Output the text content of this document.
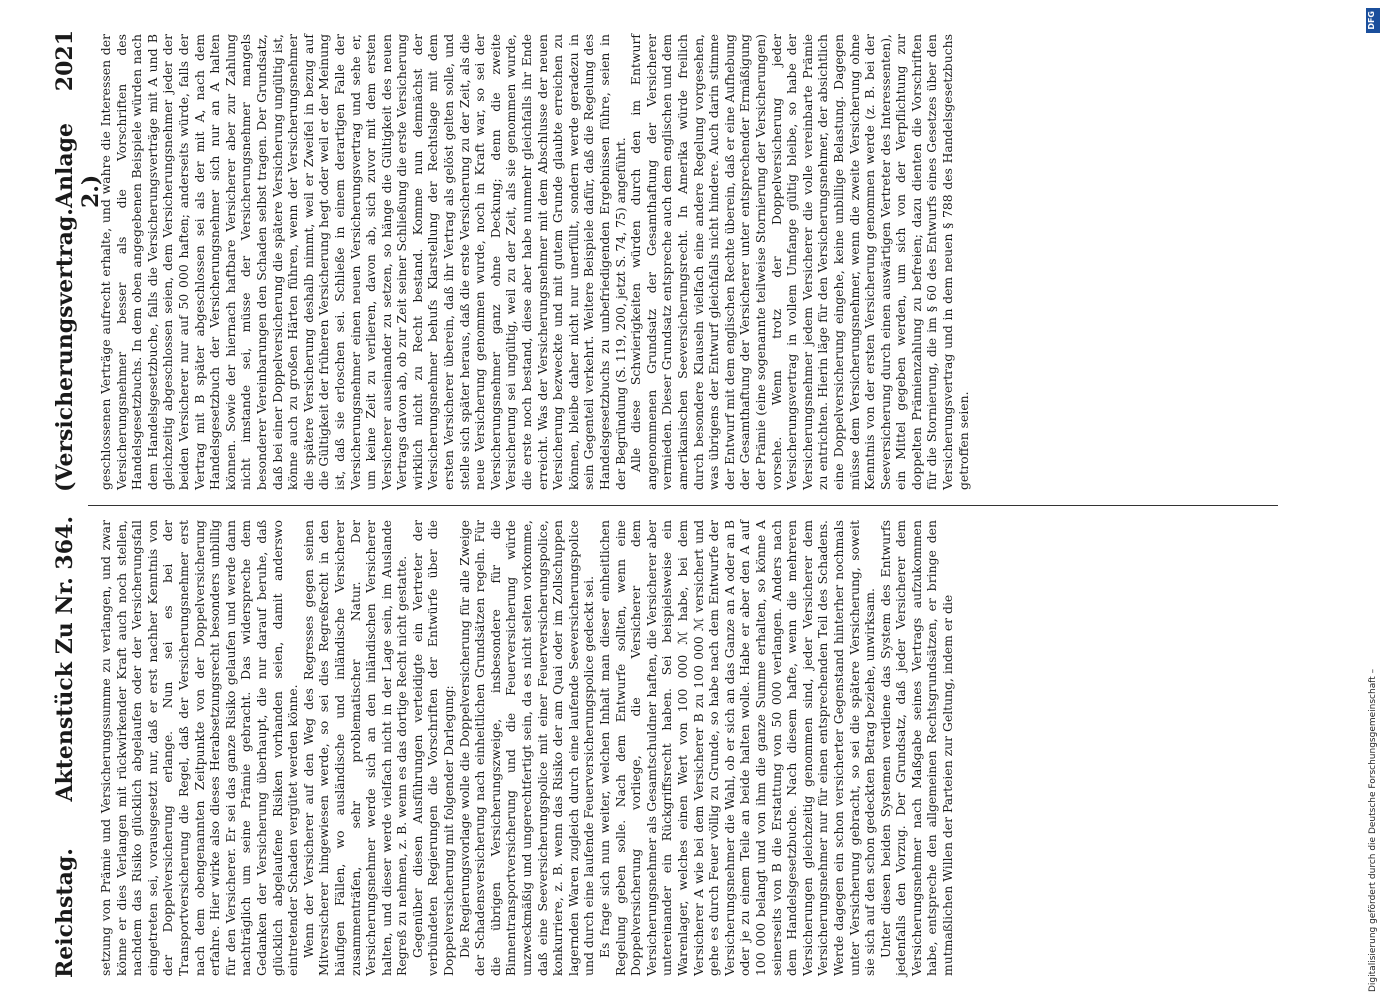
Reichstag.
Aktenstück Zu Nr. 364.
(Versicherungsvertrag.
Anlage 2.)
2021

setzung von Prämie und Versicherungssumme zu verlangen, und zwar könne er dies Verlangen mit rückwirkender Kraft auch noch stellen, nachdem das Risiko glücklich abgelaufen oder der Versicherungsfall eingetreten sei, vorausgesetzt nur, daß er erst nachher Kenntnis von der Doppelversicherung erlange. Nun sei es bei der Transportversicherung die Regel, daß der Versicherungsnehmer erst nach dem obengenannten Zeitpunkte von der Doppelversicherung erfahre. Hier wirke also dieses Herabsetzungsrecht besonders unbillig für den Versicherer. Er sei das ganze Risiko gelaufen und werde dann nachträglich um seine Prämie gebracht. Das widerspreche dem Gedanken der Versicherung überhaupt, die nur darauf beruhe, daß glücklich abgelaufene Risiken vorhanden seien, damit anderswo eintretender Schaden vergütet werden könne. Wenn der Versicherer auf den Weg des Regresses gegen seinen Mitversicherer hingewiesen werde, so sei dies Regreßrecht in den häufigen Fällen, wo ausländische und inländische Versicherer zusammenträfen, sehr problematischer Natur. Der Versicherungsnehmer werde sich an den inländischen Versicherer halten, und dieser werde vielfach nicht in der Lage sein, im Auslande Regreß zu nehmen, z. B. wenn es das dortige Recht nicht gestatte. Gegenüber diesen Ausführungen verteidigte ein Vertreter der verbündeten Regierungen die Vorschriften der Entwürfe über die Doppelversicherung mit folgender Darlegung: Die Regierungsvorlage wolle die Doppelversicherung für alle Zweige der Schadensversicherung nach einheitlichen Grundsätzen regeln. Für die übrigen Versicherungszweige, insbesondere für die Binnentransportversicherung und die Feuerversicherung würde unzweckmäßig und ungerechtfertigt sein, da es nicht selten vorkomme, daß eine Seeversicherungspolice mit einer Feuerversicherungspolice, konkurriere, z. B. wenn das Risiko der am Quai oder im Zollschuppen lagernden Waren zugleich durch eine laufende Seeversicherungspolice und durch eine laufende Feuerversicherungspolice gedeckt sei. Es frage sich nun weiter, welchen Inhalt man dieser einheitlichen Regelung geben solle. Nach dem Entwurfe sollten, wenn eine Doppelversicherung vorliege, die Versicherer dem Versicherungsnehmer als Gesamtschuldner haften, die Versicherer aber untereinander ein Rückgriffsrecht haben. Sei beispielsweise ein Warenlager, welches einen Wert von 100 000 ℳ habe, bei dem Versicherer A wie bei dem Versicherer B zu 100 000 ℳ versichert und gehe es durch Feuer völlig zu Grunde, so habe nach dem Entwurfe der Versicherungsnehmer die Wahl, ob er sich an das Ganze an A oder an B oder je zu einem Teile an beide halten wolle. Habe er aber den A auf 100 000 belangt und von ihm die ganze Summe erhalten, so könne A seinerseits von B die Erstattung von 50 000 verlangen. Anders nach dem Handelsgesetzbuche. Nach diesem hafte, wenn die mehreren Versicherungen gleichzeitig genommen sind, jeder Versicherer dem Versicherungsnehmer nur für einen entsprechenden Teil des Schadens. Werde dagegen ein schon versicherter Gegenstand hinterher nochmals unter Versicherung gebracht, so sei die spätere Versicherung, soweit sie sich auf den schon gedeckten Betrag beziehe, unwirksam. Unter diesen beiden Systemen verdiene das System des Entwurfs jedenfalls den Vorzug. Der Grundsatz, daß jeder Versicherer dem Versicherungsnehmer nach Maßgabe seines Vertrags aufzukommen habe, entspreche den allgemeinen Rechtsgrundsätzen, er bringe den mutmaßlichen Willen der Parteien zur Geltung, indem er die

geschlossenen Verträge aufrecht erhalte, und wahre die Interessen der Versicherungsnehmer besser als die Vorschriften des Handelsgesetzbuchs. In dem oben angegebenen Beispiele würden nach dem Handelsgesetzbuche, falls die Versicherungsverträge mit A und B gleichzeitig abgeschlossen seien, dem Versicherungsnehmer jeder der beiden Versicherer nur auf 50 000 haften; anderseits würde, falls der Vertrag mit B später abgeschlossen sei als der mit A, nach dem Handelsgesetzbuch der Versicherungsnehmer sich nur an A halten können. Sowie der hiernach haftbare Versicherer aber zur Zahlung nicht imstande sei, müsse der Versicherungsnehmer mangels besonderer Vereinbarungen den Schaden selbst tragen. Der Grundsatz, daß bei einer Doppelversicherung die spätere Versicherung ungültig ist, könne auch zu großen Härten führen, wenn der Versicherungsnehmer die spätere Versicherung deshalb nimmt, weil er Zweifel in bezug auf die Gültigkeit der früheren Versicherung hegt oder weil er der Meinung ist, daß sie erloschen sei. Schließe in einem derartigen Falle der Versicherungsnehmer einen neuen Versicherungsvertrag und sehe er, um keine Zeit zu verlieren, davon ab, sich zuvor mit dem ersten Versicherer auseinander zu setzen, so hänge die Gültigkeit des neuen Vertrags davon ab, ob zur Zeit seiner Schließung die erste Versicherung wirklich nicht zu Recht bestand. Komme nun demnächst der Versicherungsnehmer behufs Klarstellung der Rechtslage mit dem ersten Versicherer überein, daß ihr Vertrag als gelöst gelten solle, und stelle sich später heraus, daß die erste Versicherung zu der Zeit, als die neue Versicherung genommen wurde, noch in Kraft war, so sei der Versicherungsnehmer ganz ohne Deckung; denn die zweite Versicherung sei ungültig, weil zu der Zeit, als sie genommen wurde, die erste noch bestand, diese aber habe nunmehr gleichfalls ihr Ende erreicht. Was der Versicherungsnehmer mit dem Abschlusse der neuen Versicherung bezweckte und mit gutem Grunde glaubte erreichen zu können, bleibe daher nicht nur unerfüllt, sondern werde geradezu in sein Gegenteil verkehrt. Weitere Beispiele dafür, daß die Regelung des Handelsgesetzbuchs zu unbefriedigenden Ergebnissen führe, seien in der Begründung (S. 119, 200, jetzt S. 74, 75) angeführt. Alle diese Schwierigkeiten würden durch den im Entwurf angenommenen Grundsatz der Gesamthaftung der Versicherer vermieden. Dieser Grundsatz entspreche auch dem englischen und dem amerikanischen Seeversicherungsrecht. In Amerika würde freilich durch besondere Klauseln vielfach eine andere Regelung vorgesehen, was übrigens der Entwurf gleichfalls nicht hindere. Auch darin stimme der Entwurf mit dem englischen Rechte überein, daß er eine Aufhebung der Gesamthaftung der Versicherer unter entsprechender Ermäßigung der Prämie (eine sogenannte teilweise Stornierung der Versicherungen) vorsehe. Wenn trotz der Doppelversicherung jeder Versicherungsvertrag in vollem Umfange gültig bleibe, so habe der Versicherungsnehmer jedem Versicherer die volle vereinbarte Prämie zu entrichten. Hierin läge für den Versicherungsnehmer, der absichtlich eine Doppelversicherung eingehe, keine unbillige Belastung. Dagegen müsse dem Versicherungsnehmer, wenn die zweite Versicherung ohne Kenntnis von der ersten Versicherung genommen werde (z. B. bei der Seeversicherung durch einen auswärtigen Vertreter des Interessenten), ein Mittel gegeben werden, um sich von der Verpflichtung zur doppelten Prämienzahlung zu befreien; dazu dienten die Vorschriften für die Stornierung, die im § 60 des Entwurfs eines Gesetzes über den Versicherungsvertrag und in dem neuen § 788 des Handelsgesetzbuchs getroffen seien.

Digitalisierung gefördert durch die Deutsche Forschungsgemeinschaft –
DFG
